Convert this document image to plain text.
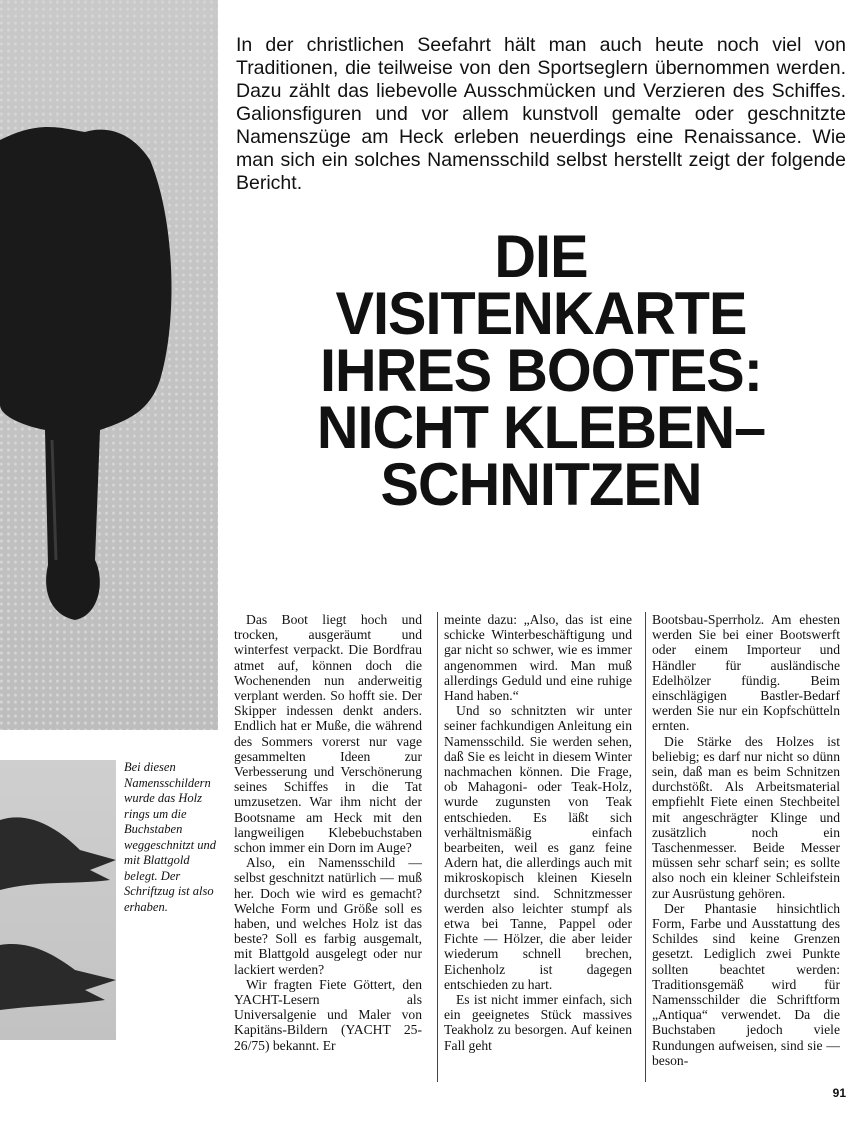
In der christlichen Seefahrt hält man auch heute noch viel von Traditionen, die teilweise von den Sportseglern übernommen werden. Dazu zählt das liebevolle Ausschmücken und Verzieren des Schiffes. Galionsfiguren und vor allem kunstvoll gemalte oder geschnitzte Namenszüge am Heck erleben neuerdings eine Renaissance. Wie man sich ein solches Namensschild selbst herstellt zeigt der folgende Bericht.

DIE
VISITENKARTE
IHRES BOOTES:
NICHT KLEBEN–
SCHNITZEN

Bei diesen Namensschildern wurde das Holz rings um die Buchstaben weggeschnitzt und mit Blattgold belegt. Der Schriftzug ist also erhaben.

Das Boot liegt hoch und trocken, ausgeräumt und winterfest verpackt. Die Bordfrau atmet auf, können doch die Wochenenden nun anderweitig verplant werden. So hofft sie. Der Skipper indessen denkt anders. Endlich hat er Muße, die während des Sommers vorerst nur vage gesammelten Ideen zur Verbesserung und Verschönerung seines Schiffes in die Tat umzusetzen. War ihm nicht der Bootsname am Heck mit den langweiligen Klebebuchstaben schon immer ein Dorn im Auge?

Also, ein Namensschild — selbst geschnitzt natürlich — muß her. Doch wie wird es gemacht? Welche Form und Größe soll es haben, und welches Holz ist das beste? Soll es farbig ausgemalt, mit Blattgold ausgelegt oder nur lackiert werden?

Wir fragten Fiete Göttert, den YACHT-Lesern als Universalgenie und Maler von Kapitäns-Bildern (YACHT 25-26/75) bekannt. Er

meinte dazu: „Also, das ist eine schicke Winterbeschäftigung und gar nicht so schwer, wie es immer angenommen wird. Man muß allerdings Geduld und eine ruhige Hand haben.“

Und so schnitzten wir unter seiner fachkundigen Anleitung ein Namensschild. Sie werden sehen, daß Sie es leicht in diesem Winter nachmachen können. Die Frage, ob Mahagoni- oder Teak-Holz, wurde zugunsten von Teak entschieden. Es läßt sich verhältnismäßig einfach bearbeiten, weil es ganz feine Adern hat, die allerdings auch mit mikroskopisch kleinen Kieseln durchsetzt sind. Schnitzmesser werden also leichter stumpf als etwa bei Tanne, Pappel oder Fichte — Hölzer, die aber leider wiederum schnell brechen, Eichenholz ist dagegen entschieden zu hart.

Es ist nicht immer einfach, sich ein geeignetes Stück massives Teakholz zu besorgen. Auf keinen Fall geht

Bootsbau-Sperrholz. Am ehesten werden Sie bei einer Bootswerft oder einem Importeur und Händler für ausländische Edelhölzer fündig. Beim einschlägigen Bastler-Bedarf werden Sie nur ein Kopfschütteln ernten.

Die Stärke des Holzes ist beliebig; es darf nur nicht so dünn sein, daß man es beim Schnitzen durchstößt. Als Arbeitsmaterial empfiehlt Fiete einen Stechbeitel mit angeschrägter Klinge und zusätzlich noch ein Taschenmesser. Beide Messer müssen sehr scharf sein; es sollte also noch ein kleiner Schleifstein zur Ausrüstung gehören.

Der Phantasie hinsichtlich Form, Farbe und Ausstattung des Schildes sind keine Grenzen gesetzt. Lediglich zwei Punkte sollten beachtet werden: Traditionsgemäß wird für Namensschilder die Schriftform „Antiqua“ verwendet. Da die Buchstaben jedoch viele Rundungen aufweisen, sind sie — beson-

91
